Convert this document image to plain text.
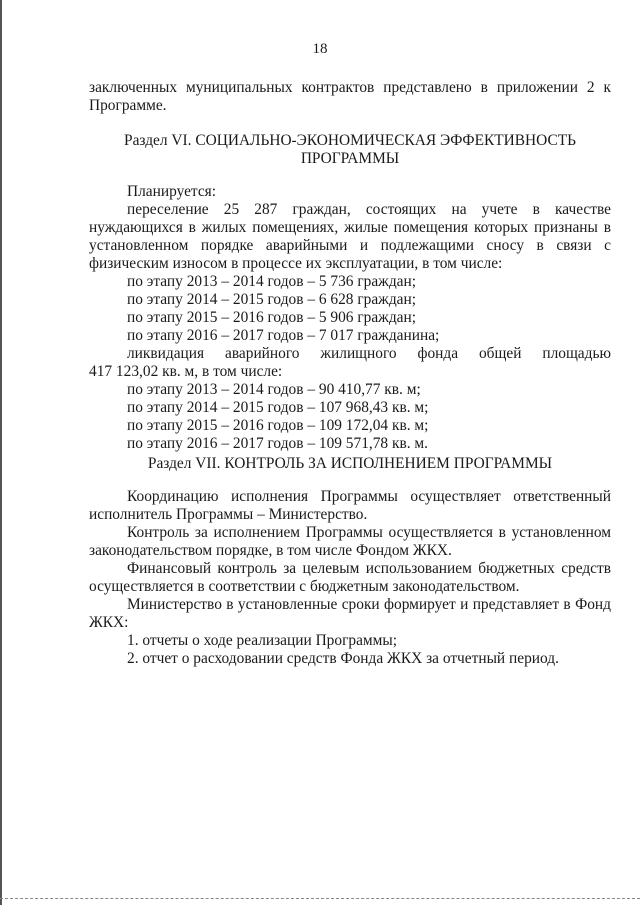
18
заключенных муниципальных контрактов представлено в приложении 2 к Программе.
Раздел VI. СОЦИАЛЬНО-ЭКОНОМИЧЕСКАЯ ЭФФЕКТИВНОСТЬ
ПРОГРАММЫ
Планируется:
переселение 25 287 граждан, состоящих на учете в качестве нуждающихся в жилых помещениях, жилые помещения которых признаны в установленном порядке аварийными и подлежащими сносу в связи с физическим износом в процессе их эксплуатации, в том числе:
по этапу 2013 – 2014 годов – 5 736 граждан;
по этапу 2014 – 2015 годов – 6 628 граждан;
по этапу 2015 – 2016 годов – 5 906 граждан;
по этапу 2016 – 2017 годов – 7 017 гражданина;
ликвидация аварийного жилищного фонда общей площадью
417 123,02 кв. м, в том числе:
по этапу 2013 – 2014 годов – 90 410,77 кв. м;
по этапу 2014 – 2015 годов – 107 968,43 кв. м;
по этапу 2015 – 2016 годов – 109 172,04 кв. м;
по этапу 2016 – 2017 годов – 109 571,78 кв. м.
Раздел VII. КОНТРОЛЬ ЗА ИСПОЛНЕНИЕМ ПРОГРАММЫ
Координацию исполнения Программы осуществляет ответственный исполнитель Программы – Министерство.
Контроль за исполнением Программы осуществляется в установленном законодательством порядке, в том числе Фондом ЖКХ.
Финансовый контроль за целевым использованием бюджетных средств осуществляется в соответствии с бюджетным законодательством.
Министерство в установленные сроки формирует и представляет в Фонд ЖКХ:
1. отчеты о ходе реализации Программы;
2. отчет о расходовании средств Фонда ЖКХ за отчетный период.
